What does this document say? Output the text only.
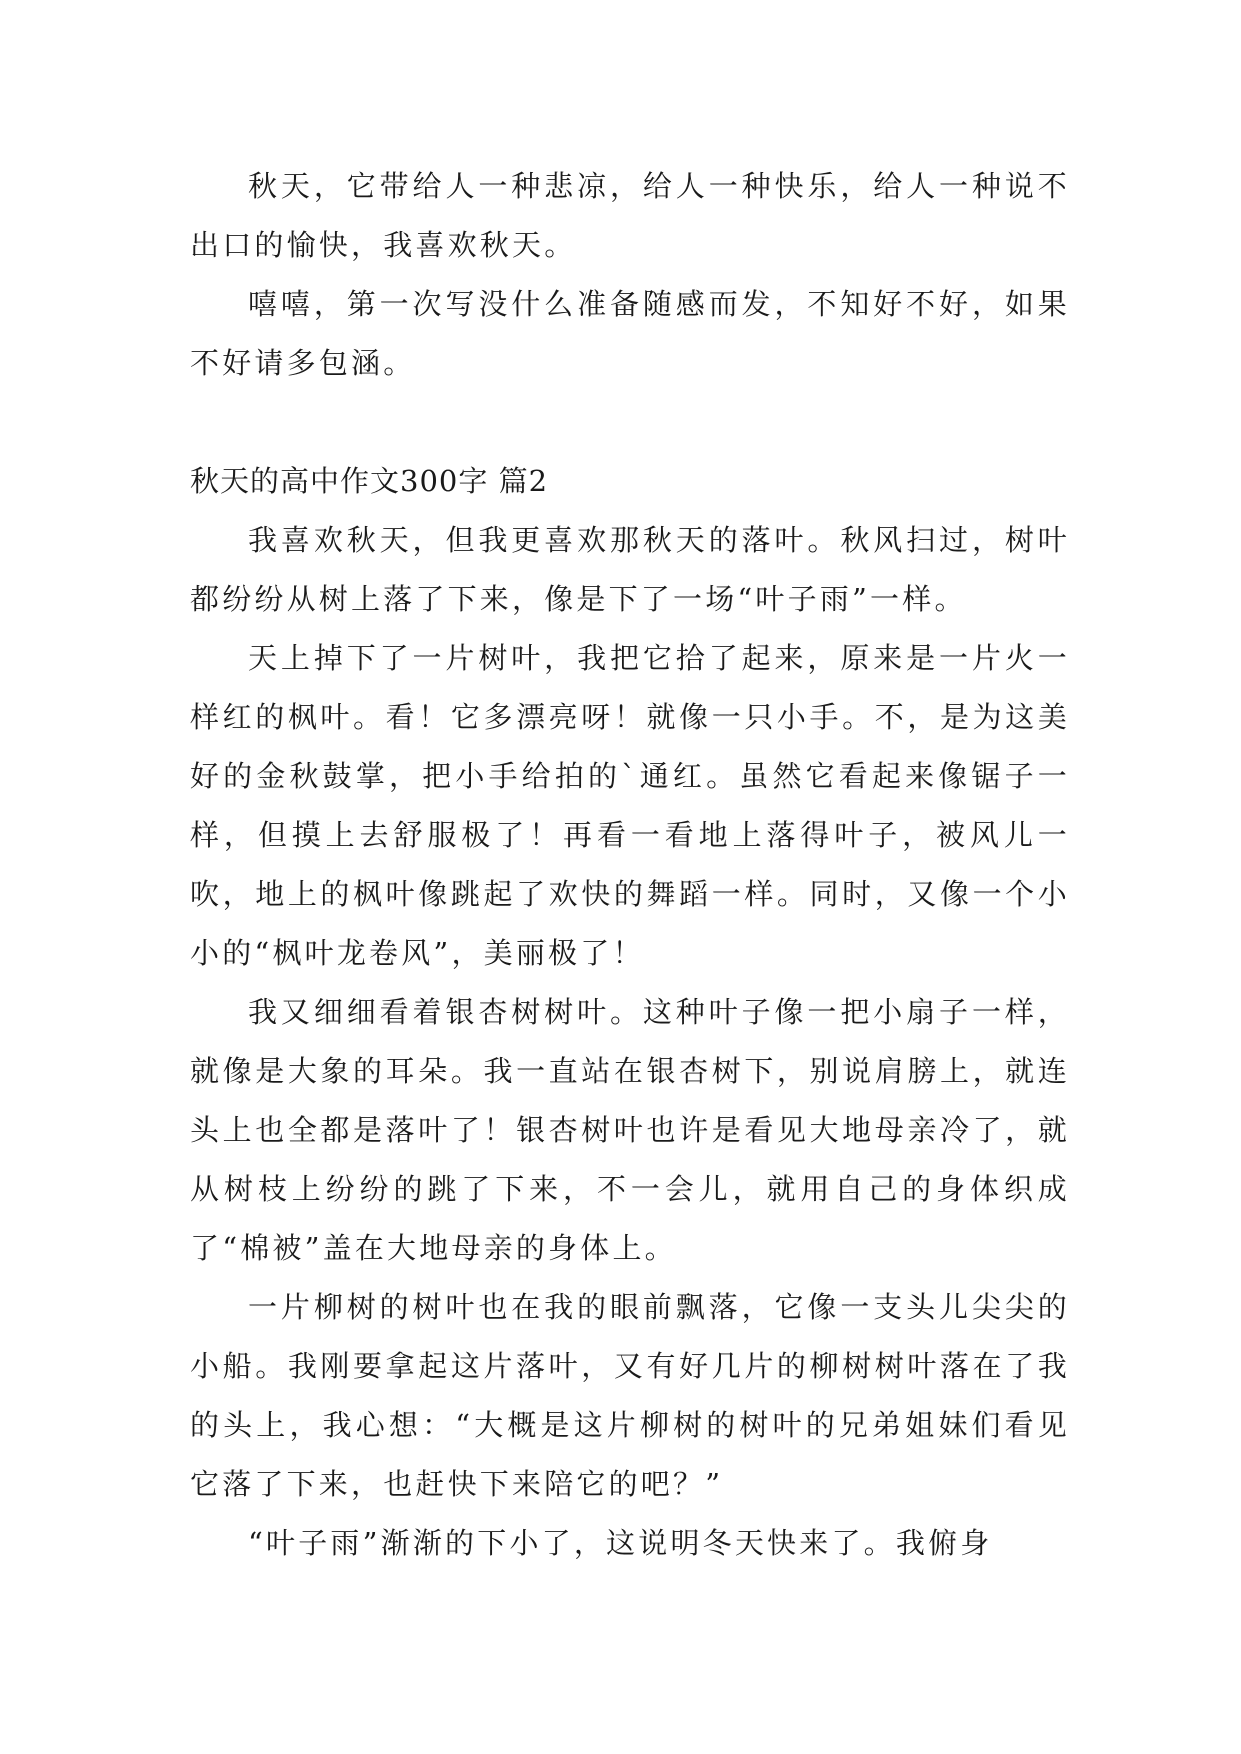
秋天，它带给人一种悲凉，给人一种快乐，给人一种说不出口的愉快，我喜欢秋天。

嘻嘻，第一次写没什么准备随感而发，不知好不好，如果不好请多包涵。

秋天的高中作文300字 篇2

我喜欢秋天，但我更喜欢那秋天的落叶。秋风扫过，树叶都纷纷从树上落了下来，像是下了一场“叶子雨”一样。

天上掉下了一片树叶，我把它拾了起来，原来是一片火一样红的枫叶。看！它多漂亮呀！就像一只小手。不，是为这美好的金秋鼓掌，把小手给拍的`通红。虽然它看起来像锯子一样，但摸上去舒服极了！再看一看地上落得叶子，被风儿一吹，地上的枫叶像跳起了欢快的舞蹈一样。同时，又像一个小小的“枫叶龙卷风”，美丽极了！

我又细细看着银杏树树叶。这种叶子像一把小扇子一样，就像是大象的耳朵。我一直站在银杏树下，别说肩膀上，就连头上也全都是落叶了！银杏树叶也许是看见大地母亲冷了，就从树枝上纷纷的跳了下来，不一会儿，就用自己的身体织成了“棉被”盖在大地母亲的身体上。

一片柳树的树叶也在我的眼前飘落，它像一支头儿尖尖的小船。我刚要拿起这片落叶，又有好几片的柳树树叶落在了我的头上，我心想：“大概是这片柳树的树叶的兄弟姐妹们看见它落了下来，也赶快下来陪它的吧？”

“叶子雨”渐渐的下小了，这说明冬天快来了。我俯身
